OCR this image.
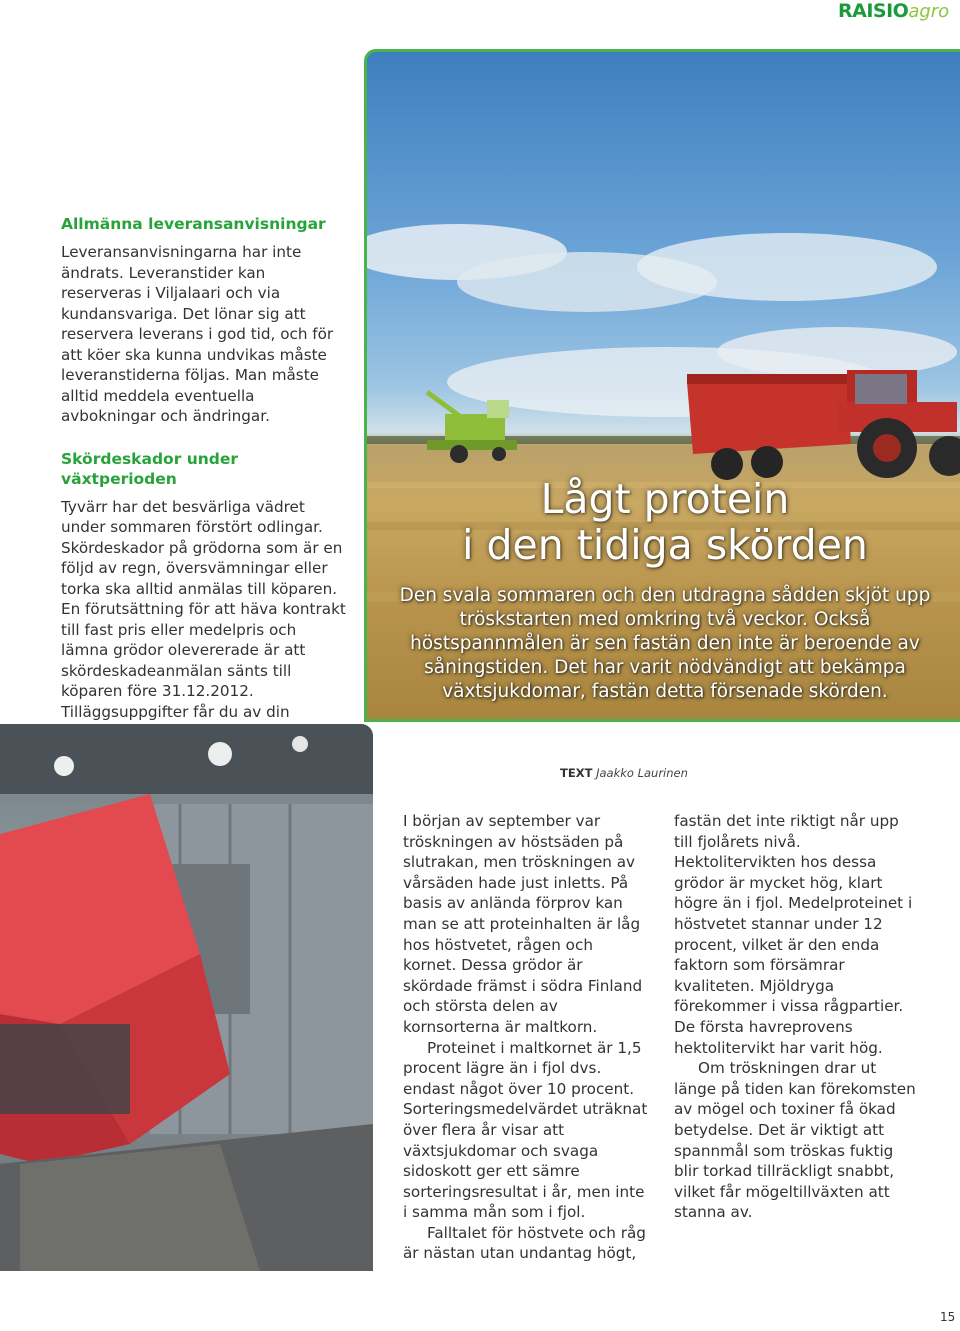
RAISIOagro
Allmänna leveransanvisningar

Leveransanvisningarna har inte ändrats. Leveranstider kan reserveras i Viljalaari och via kundansvariga. Det lönar sig att reservera leverans i god tid, och för att köer ska kunna undvikas måste leveranstiderna följas. Man måste alltid meddela eventuella avbokningar och ändringar.

Skördeskador under växtperioden

Tyvärr har det besvärliga vädret under sommaren förstört odlingar. Skördeskador på grödorna som är en följd av regn, översvämningar eller torka ska alltid anmälas till köparen. En förutsättning för att häva kontrakt till fast pris eller medelpris och lämna grödor olevererade är att skördeskadeanmälan sänts till köparen före 31.12.2012. Tilläggsuppgifter får du av din

Lågt protein
i den tidiga skörden
Den svala sommaren och den utdragna sådden skjöt upp tröskstarten med omkring två veckor. Också höstspannmålen är sen fastän den inte är beroende av såningstiden. Det har varit nödvändigt att bekämpa växtsjukdomar, fastän detta försenade skörden.
TEXT Jaakko Laurinen

I början av september var tröskningen av höstsäden på slutrakan, men tröskningen av vårsäden hade just inletts. På basis av anlända förprov kan man se att proteinhalten är låg hos höstvetet, rågen och kornet. Dessa grödor är skördade främst i södra Finland och största delen av kornsorterna är maltkorn.

Proteinet i maltkornet är 1,5 procent lägre än i fjol dvs. endast något över 10 procent. Sorteringsmedelvärdet uträknat över flera år visar att växtsjukdomar och svaga sidoskott ger ett sämre sorteringsresultat i år, men inte i samma mån som i fjol.

Falltalet för höstvete och råg är nästan utan undantag högt,

fastän det inte riktigt når upp till fjolårets nivå. Hektolitervikten hos dessa grödor är mycket hög, klart högre än i fjol. Medelproteinet i höstvetet stannar under 12 procent, vilket är den enda faktorn som försämrar kvaliteten. Mjöldryga förekommer i vissa rågpartier. De första havreprovens hektolitervikt har varit hög.

Om tröskningen drar ut länge på tiden kan förekomsten av mögel och toxiner få ökad betydelse. Det är viktigt att spannmål som tröskas fuktig blir torkad tillräckligt snabbt, vilket får mögeltillväxten att stanna av.

15
